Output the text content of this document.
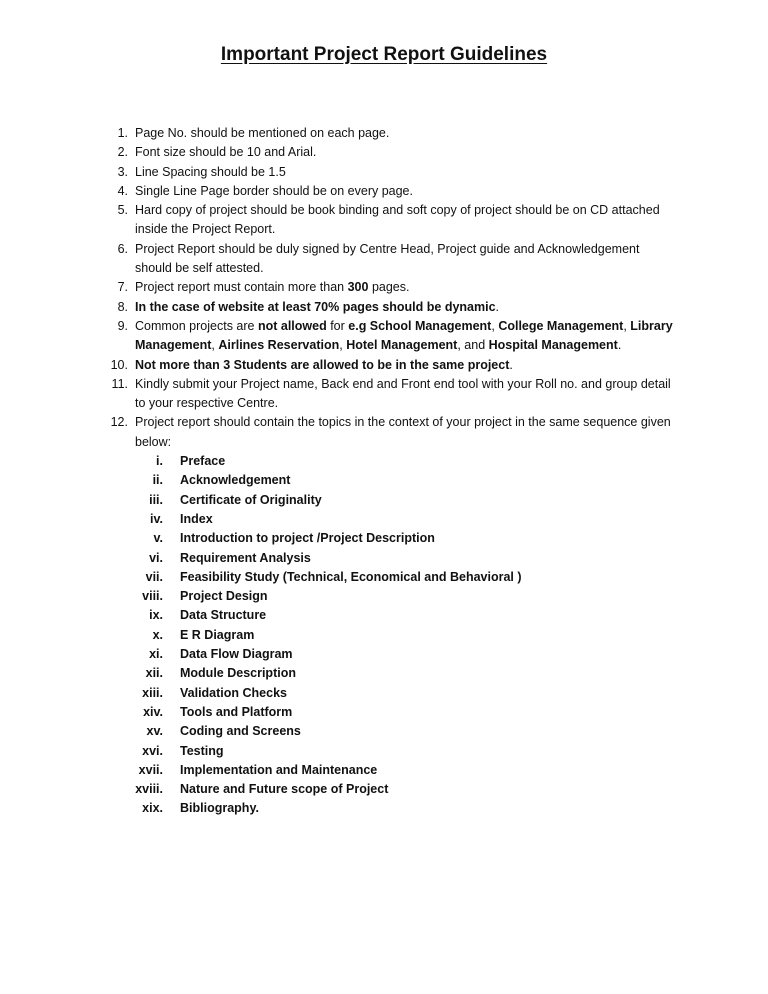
Important Project Report Guidelines
1. Page No. should be mentioned on each page.
2. Font size should be 10 and Arial.
3. Line Spacing should be 1.5
4. Single Line Page border should be on every page.
5. Hard copy of project should be book binding and soft copy of project should be on CD attached inside the Project Report.
6. Project Report should be duly signed by Centre Head, Project guide and Acknowledgement should be self attested.
7. Project report must contain more than 300 pages.
8. In the case of website at least 70% pages should be dynamic.
9. Common projects are not allowed for e.g School Management, College Management, Library Management, Airlines Reservation, Hotel Management, and Hospital Management.
10. Not more than 3 Students are allowed to be in the same project.
11. Kindly submit your Project name, Back end and Front end tool with your Roll no. and group detail to your respective Centre.
12. Project report should contain the topics in the context of your project in the same sequence given below:
i. Preface
ii. Acknowledgement
iii. Certificate of Originality
iv. Index
v. Introduction to project /Project Description
vi. Requirement Analysis
vii. Feasibility Study (Technical, Economical and Behavioral )
viii. Project Design
ix. Data Structure
x. E R Diagram
xi. Data Flow Diagram
xii. Module Description
xiii. Validation Checks
xiv. Tools and Platform
xv. Coding and Screens
xvi. Testing
xvii. Implementation and Maintenance
xviii. Nature and Future scope of Project
xix. Bibliography.
